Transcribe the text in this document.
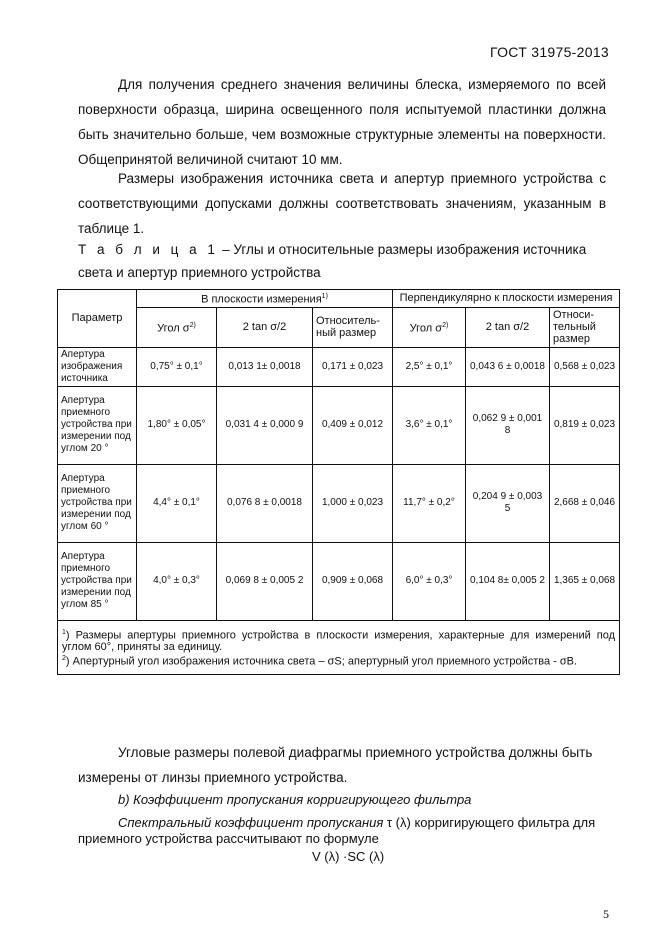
ГОСТ 31975-2013
Для получения среднего значения величины блеска, измеряемого по всей поверхности образца, ширина освещенного поля испытуемой пластинки должна быть значительно больше, чем возможные структурные элементы на поверхности. Общепринятой величиной считают 10 мм.
Размеры изображения источника света и апертур приемного устройства с соответствующими допусками должны соответствовать значениям, указанным в таблице 1.
Т а б л и ц а 1 – Углы и относительные размеры изображения источника света и апертур приемного устройства
Параметр	В плоскости измерения$^{1)}$			Перпендикулярно к плоскости измерения		
	Угол $\sigma^{2)}$	2 tan σ/2	Относитель-ный размер	Угол $\sigma^{2)}$	2 tan σ/2	Относи-тельный размер
Апертура изображения источника	0,75° ± 0,1°	0,013 1± 0,0018	0,171 ± 0,023	2,5° ± 0,1°	0,043 6 ± 0,0018	0,568 ± 0,023
Апертура приемного устройства при измерении под углом 20 °	1,80° ± 0,05°	0,031 4 ± 0,000 9	0,409 ± 0,012	3,6° ± 0,1°	0,062 9 ± 0,001 8	0,819 ± 0,023
Апертура приемного устройства при измерении под углом 60 °	4,4° ± 0,1°	0,076 8 ± 0,0018	1,000 ± 0,023	11,7° ± 0,2°	0,204 9 ± 0,003 5	2,668 ± 0,046
Апертура приемного устройства при измерении под углом 85 °	4,0° ± 0,3°	0,069 8 ± 0,005 2	0,909 ± 0,068	6,0° ± 0,3°	0,104 8± 0,005 2	1,365 ± 0,068

$^1$) Размеры апертуры приемного устройства в плоскости измерения, характерные для измерений под углом 60°, приняты за единицу.
$^2$) Апертурный угол изображения источника света – σS; апертурный угол приемного устройства - σB.						
Угловые размеры полевой диафрагмы приемного устройства должны быть измерены от линзы приемного устройства.
b) Коэффициент пропускания корригирующего фильтра
Спектральный коэффициент пропускания τ (λ) корригирующего фильтра для приемного устройства рассчитывают по формуле
V (λ) ·SC (λ)
5
